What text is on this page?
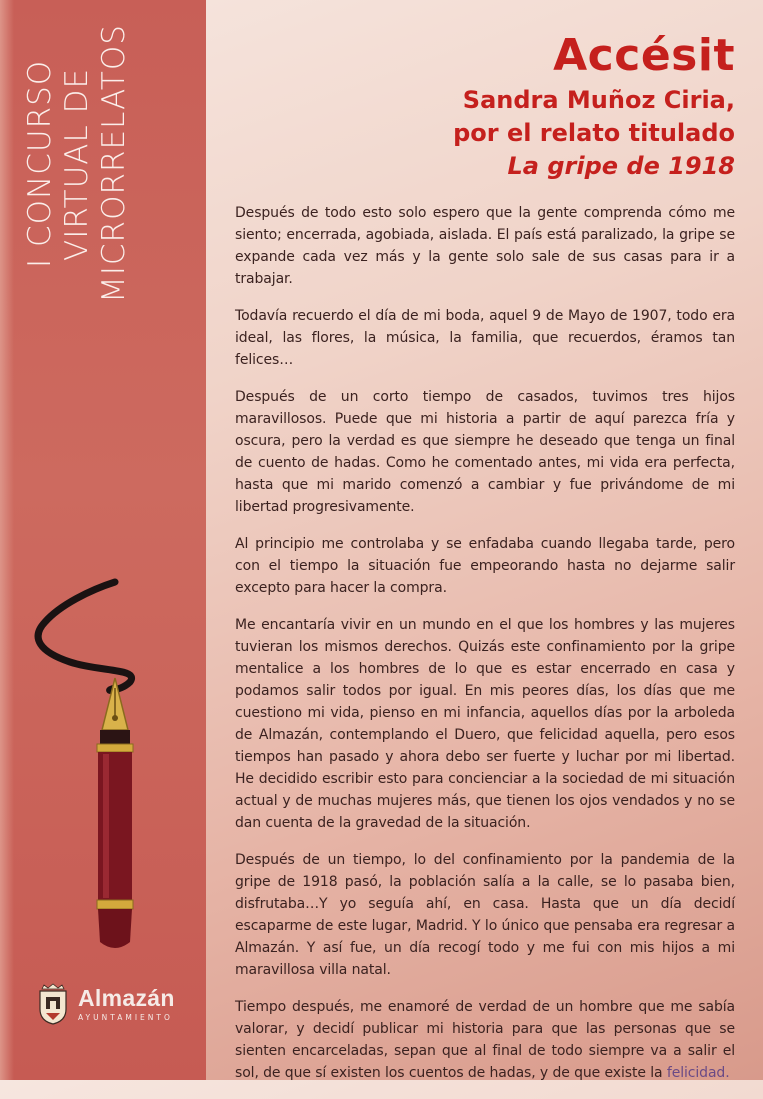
I CONCURSO VIRTUAL DE MICRORRELATOS
Almazán
AYUNTAMIENTO
Accésit
Sandra Muñoz Ciria,
por el relato titulado
La gripe de 1918

Después de todo esto solo espero que la gente comprenda cómo me siento; encerrada, agobiada, aislada. El país está paralizado, la gripe se expande cada vez más y la gente solo sale de sus casas para ir a trabajar.

Todavía recuerdo el día de mi boda, aquel 9 de Mayo de 1907, todo era ideal, las flores, la música, la familia, que recuerdos, éramos tan felices…

Después de un corto tiempo de casados, tuvimos tres hijos maravillosos. Puede que mi historia a partir de aquí parezca fría y oscura, pero la verdad es que siempre he deseado que tenga un final de cuento de hadas. Como he comentado antes, mi vida era perfecta, hasta que mi marido comenzó a cambiar y fue privándome de mi libertad progresivamente.

Al principio me controlaba y se enfadaba cuando llegaba tarde, pero con el tiempo la situación fue empeorando hasta no dejarme salir excepto para hacer la compra.

Me encantaría vivir en un mundo en el que los hombres y las mujeres tuvieran los mismos derechos. Quizás este confinamiento por la gripe mentalice a los hombres de lo que es estar encerrado en casa y podamos salir todos por igual. En mis peores días, los días que me cuestiono mi vida, pienso en mi infancia, aquellos días por la arboleda de Almazán, contemplando el Duero, que felicidad aquella, pero esos tiempos han pasado y ahora debo ser fuerte y luchar por mi libertad. He decidido escribir esto para concienciar a la sociedad de mi situación actual y de muchas mujeres más, que tienen los ojos vendados y no se dan cuenta de la gravedad de la situación.

Después de un tiempo, lo del confinamiento por la pandemia de la gripe de 1918 pasó, la población salía a la calle, se lo pasaba bien, disfrutaba…Y yo seguía ahí, en casa. Hasta que un día decidí escaparme de este lugar, Madrid. Y lo único que pensaba era regresar a Almazán. Y así fue, un día recogí todo y me fui con mis hijos a mi maravillosa villa natal.

Tiempo después, me enamoré de verdad de un hombre que me sabía valorar, y decidí publicar mi historia para que las personas que se sienten encarceladas, sepan que al final de todo siempre va a salir el sol, de que sí existen los cuentos de hadas, y de que existe la felicidad.
